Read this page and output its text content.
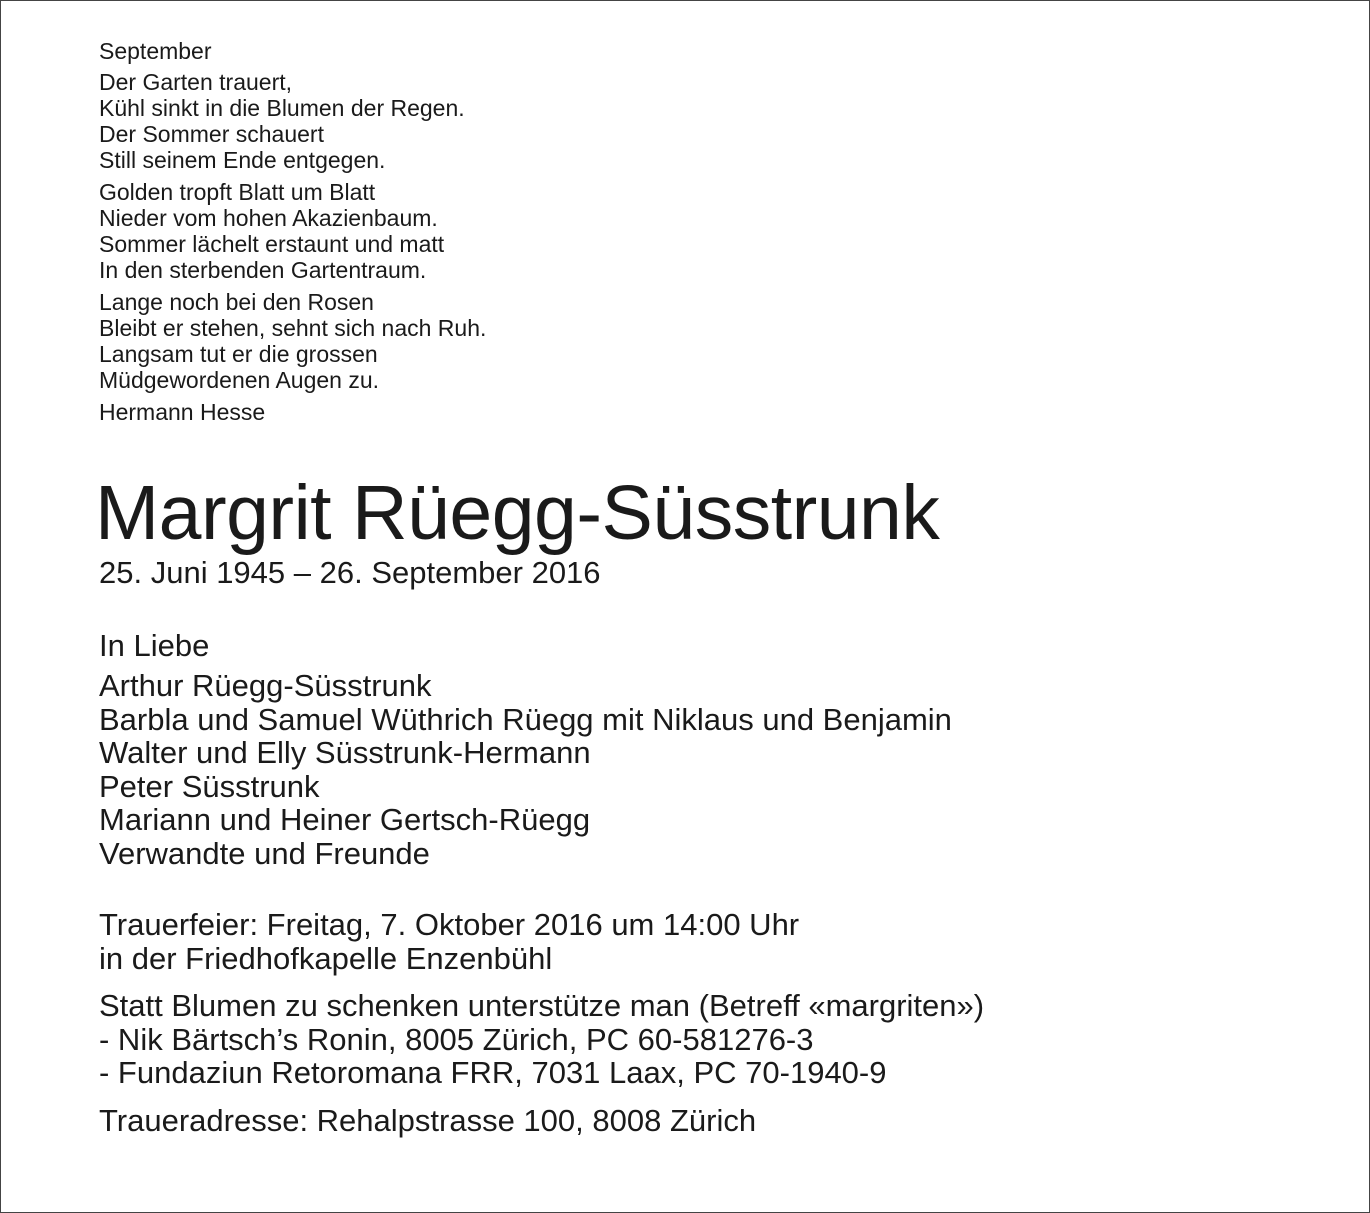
September
Der Garten trauert,
Kühl sinkt in die Blumen der Regen.
Der Sommer schauert
Still seinem Ende entgegen.
Golden tropft Blatt um Blatt
Nieder vom hohen Akazienbaum.
Sommer lächelt erstaunt und matt
In den sterbenden Gartentraum.
Lange noch bei den Rosen
Bleibt er stehen, sehnt sich nach Ruh.
Langsam tut er die grossen
Müdgewordenen Augen zu.
Hermann Hesse
Margrit Rüegg-Süsstrunk
25. Juni 1945 – 26. September 2016
In Liebe
Arthur Rüegg-Süsstrunk
Barbla und Samuel Wüthrich Rüegg mit Niklaus und Benjamin
Walter und Elly Süsstrunk-Hermann
Peter Süsstrunk
Mariann und Heiner Gertsch-Rüegg
Verwandte und Freunde
Trauerfeier: Freitag, 7. Oktober 2016 um 14:00 Uhr
in der Friedhofkapelle Enzenbühl
Statt Blumen zu schenken unterstütze man (Betreff «margriten»)
- Nik Bärtsch’s Ronin, 8005 Zürich, PC 60-581276-3
- Fundaziun Retoromana FRR, 7031 Laax, PC 70-1940-9
Traueradresse: Rehalpstrasse 100, 8008 Zürich
